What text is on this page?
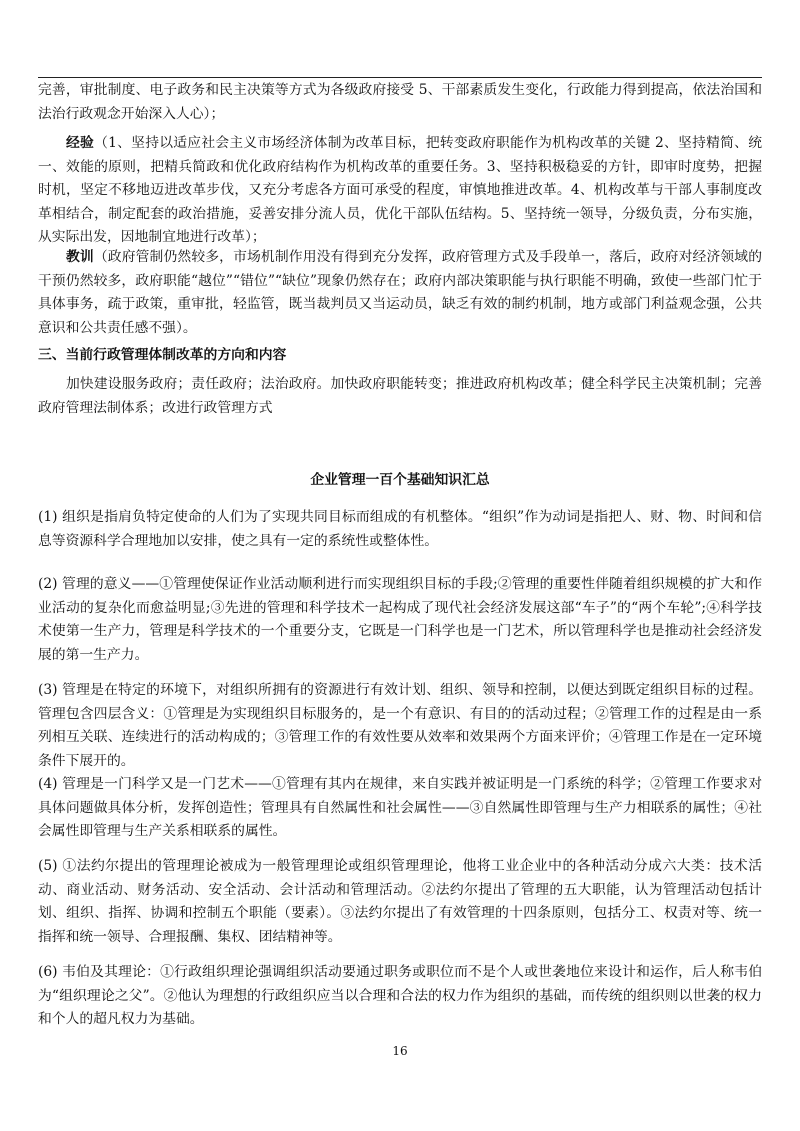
完善，审批制度、电子政务和民主决策等方式为各级政府接受 5、干部素质发生变化，行政能力得到提高，依法治国和法治行政观念开始深入人心）；

经验（1、坚持以适应社会主义市场经济体制为改革目标，把转变政府职能作为机构改革的关键 2、坚持精简、统一、效能的原则，把精兵简政和优化政府结构作为机构改革的重要任务。3、坚持积极稳妥的方针，即审时度势，把握时机，坚定不移地迈进改革步伐，又充分考虑各方面可承受的程度，审慎地推进改革。4、机构改革与干部人事制度改革相结合，制定配套的政治措施，妥善安排分流人员，优化干部队伍结构。5、坚持统一领导，分级负责，分布实施，从实际出发，因地制宜地进行改革）；

教训（政府管制仍然较多，市场机制作用没有得到充分发挥，政府管理方式及手段单一，落后，政府对经济领域的干预仍然较多，政府职能“越位”“错位”“缺位”现象仍然存在；政府内部决策职能与执行职能不明确，致使一些部门忙于具体事务，疏于政策，重审批，轻监管，既当裁判员又当运动员，缺乏有效的制约机制，地方或部门利益观念强，公共意识和公共责任感不强）。

三、当前行政管理体制改革的方向和内容

加快建设服务政府；责任政府；法治政府。加快政府职能转变；推进政府机构改革；健全科学民主决策机制；完善政府管理法制体系；改进行政管理方式

企业管理一百个基础知识汇总

(1) 组织是指肩负特定使命的人们为了实现共同目标而组成的有机整体。“组织”作为动词是指把人、财、物、时间和信息等资源科学合理地加以安排，使之具有一定的系统性或整体性。

(2) 管理的意义——①管理使保证作业活动顺利进行而实现组织目标的手段;②管理的重要性伴随着组织规模的扩大和作业活动的复杂化而愈益明显;③先进的管理和科学技术一起构成了现代社会经济发展这部“车子”的“两个车轮”;④科学技术使第一生产力，管理是科学技术的一个重要分支，它既是一门科学也是一门艺术，所以管理科学也是推动社会经济发展的第一生产力。

(3) 管理是在特定的环境下，对组织所拥有的资源进行有效计划、组织、领导和控制，以便达到既定组织目标的过程。管理包含四层含义：①管理是为实现组织目标服务的，是一个有意识、有目的的活动过程；②管理工作的过程是由一系列相互关联、连续进行的活动构成的；③管理工作的有效性要从效率和效果两个方面来评价；④管理工作是在一定环境条件下展开的。

(4) 管理是一门科学又是一门艺术——①管理有其内在规律，来自实践并被证明是一门系统的科学；②管理工作要求对具体问题做具体分析，发挥创造性；管理具有自然属性和社会属性——③自然属性即管理与生产力相联系的属性；④社会属性即管理与生产关系相联系的属性。

(5) ①法约尔提出的管理理论被成为一般管理理论或组织管理理论，他将工业企业中的各种活动分成六大类：技术活动、商业活动、财务活动、安全活动、会计活动和管理活动。②法约尔提出了管理的五大职能，认为管理活动包括计划、组织、指挥、协调和控制五个职能（要素）。③法约尔提出了有效管理的十四条原则，包括分工、权责对等、统一指挥和统一领导、合理报酬、集权、团结精神等。

(6) 韦伯及其理论：①行政组织理论强调组织活动要通过职务或职位而不是个人或世袭地位来设计和运作，后人称韦伯为“组织理论之父”。②他认为理想的行政组织应当以合理和合法的权力作为组织的基础，而传统的组织则以世袭的权力和个人的超凡权力为基础。

16
